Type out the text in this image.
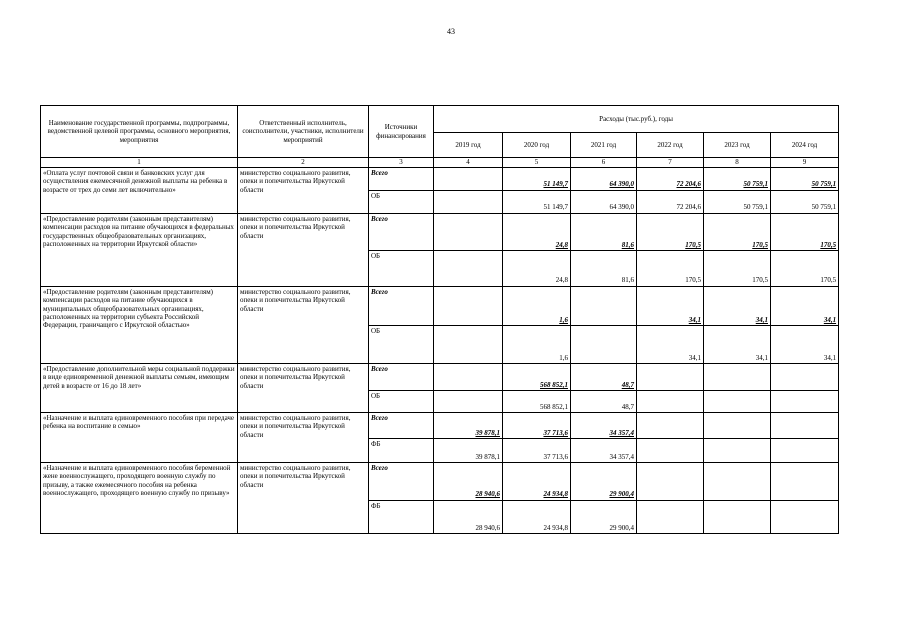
43
Наименование государственной программы, подпрограммы, ведомственной целевой программы, основного мероприятия, мероприятия	Ответственный исполнитель, соисполнители, участники, исполнители мероприятий	Источники финансирования	Расходы (тыс.руб.), годы					
			2019 год	2020 год	2021 год	2022 год	2023 год	2024 год
1	2	3	4	5	6	7	8	9
«Оплата услуг почтовой связи и банковских услуг для осуществления ежемесячной денежной выплаты на ребенка в возрасте от трех до семи лет включительно»	министерство социального развития, опеки и попечительства Иркутской области	Всего		51 149,7	64 390,0	72 204,6	50 759,1	50 759,1
		ОБ		51 149,7	64 390,0	72 204,6	50 759,1	50 759,1
«Предоставление родителям (законным представителям) компенсации расходов на питание обучающихся в федеральных государственных общеобразовательных организациях, расположенных на территории Иркутской области»	министерство социального развития, опеки и попечительства Иркутской области	Всего		24,8	81,6	170,5	170,5	170,5
		ОБ		24,8	81,6	170,5	170,5	170,5
«Предоставление родителям (законным представителям) компенсации расходов на питание обучающихся в муниципальных общеобразовательных организациях, расположенных на территории субъекта Российской Федерации, граничащего с Иркутской областью»	министерство социального развития, опеки и попечительства Иркутской области	Всего		1,6		34,1	34,1	34,1
		ОБ		1,6		34,1	34,1	34,1
«Предоставление дополнительной меры социальной поддержки в виде единовременной денежной выплаты семьям, имеющим детей в возрасте от 16 до 18 лет»	министерство социального развития, опеки и попечительства Иркутской области	Всего		568 852,1	48,7			
		ОБ		568 852,1	48,7			
«Назначение и выплата единовременного пособия при передаче ребенка на воспитание в семью»	министерство социального развития, опеки и попечительства Иркутской области	Всего	39 878,1	37 713,6	34 357,4			
		ФБ	39 878,1	37 713,6	34 357,4			
«Назначение и выплата единовременного пособия беременной жене военнослужащего, проходящего военную службу по призыву, а также ежемесячного пособия на ребенка военнослужащего, проходящего военную службу по призыву»	министерство социального развития, опеки и попечительства Иркутской области	Всего	28 940,6	24 934,8	29 900,4			
		ФБ	28 940,6	24 934,8	29 900,4			
